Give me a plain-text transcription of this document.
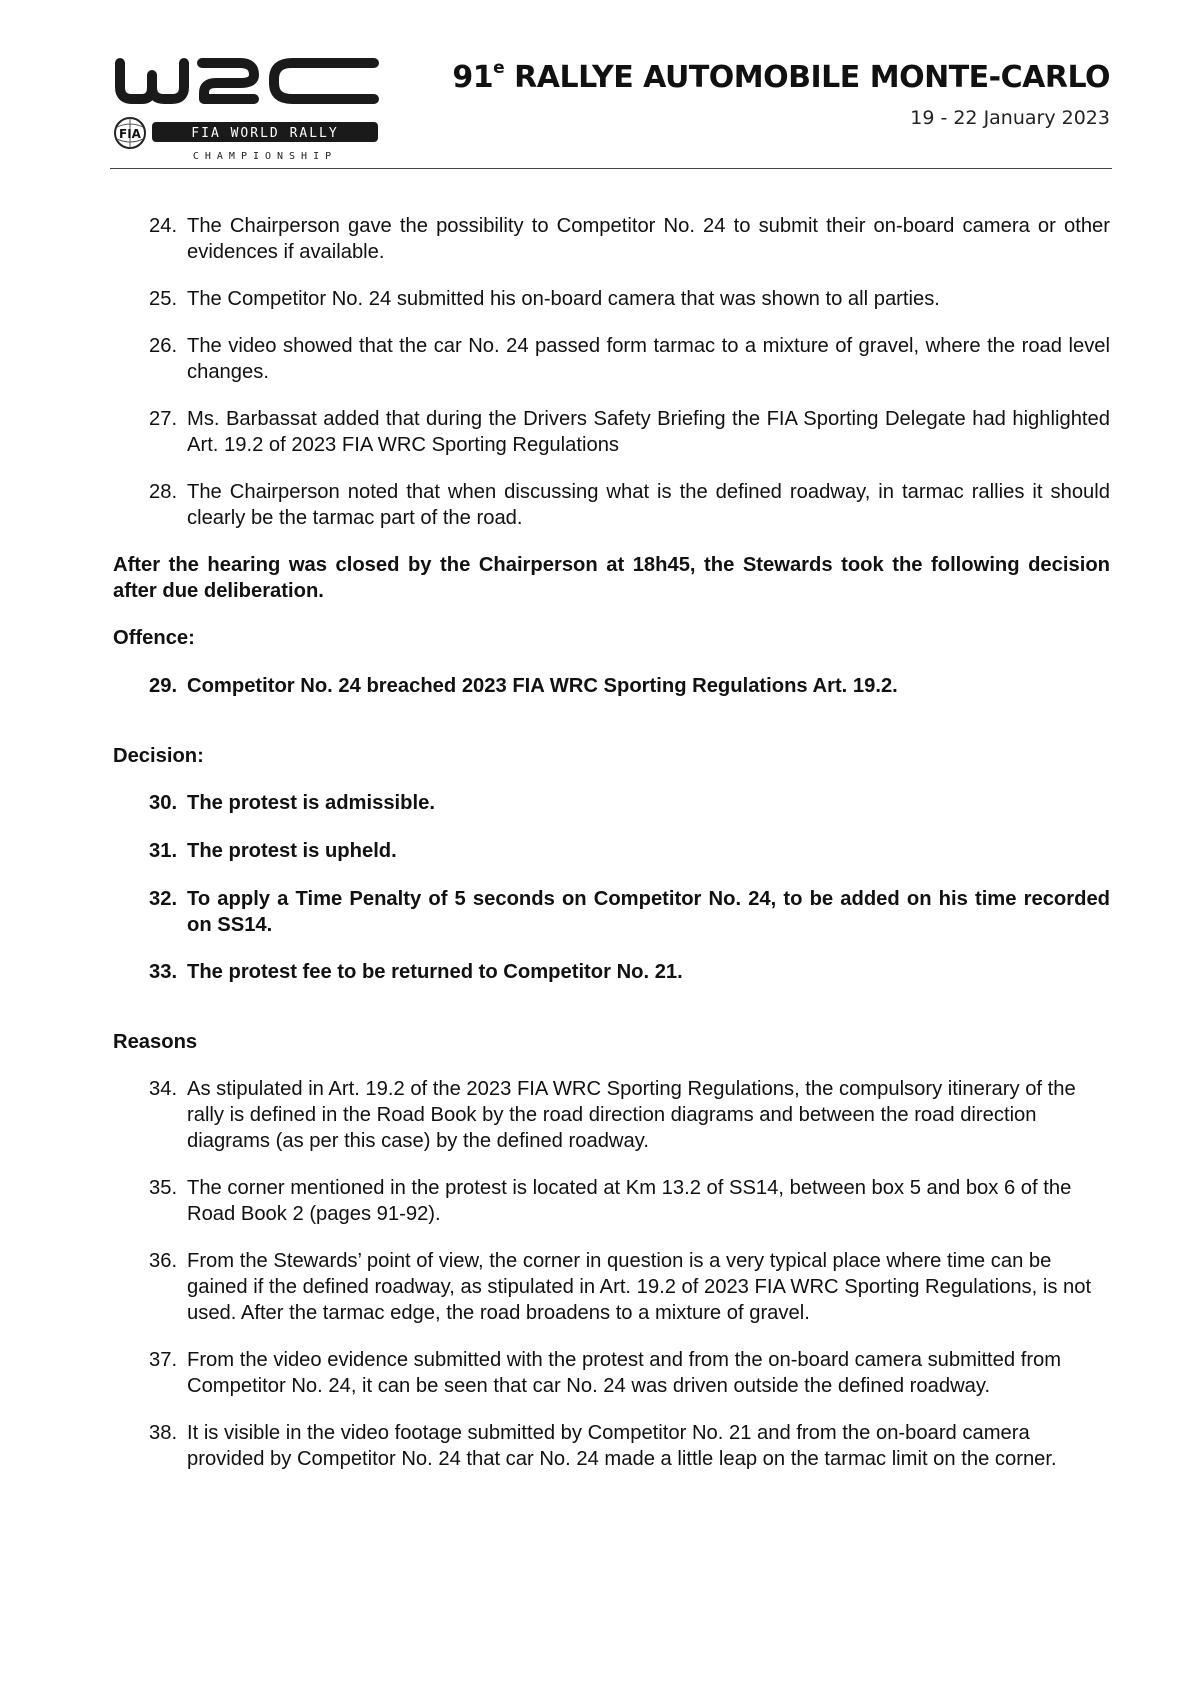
FIA	FIA WORLD RALLY
CHAMPIONSHIP
91e RALLYE AUTOMOBILE MONTE-CARLO
19 - 22 January 2023
24. The Chairperson gave the possibility to Competitor No. 24 to submit their on-board camera or other evidences if available.
25. The Competitor No. 24 submitted his on-board camera that was shown to all parties.
26. The video showed that the car No. 24 passed form tarmac to a mixture of gravel, where the road level changes.
27. Ms. Barbassat added that during the Drivers Safety Briefing the FIA Sporting Delegate had highlighted Art. 19.2 of 2023 FIA WRC Sporting Regulations
28. The Chairperson noted that when discussing what is the defined roadway, in tarmac rallies it should clearly be the tarmac part of the road.
After the hearing was closed by the Chairperson at 18h45, the Stewards took the following decision after due deliberation.
Offence:
29. Competitor No. 24 breached 2023 FIA WRC Sporting Regulations Art. 19.2.
Decision:
30. The protest is admissible.
31. The protest is upheld.
32. To apply a Time Penalty of 5 seconds on Competitor No. 24, to be added on his time recorded on SS14.
33. The protest fee to be returned to Competitor No. 21.
Reasons
34. As stipulated in Art. 19.2 of the 2023 FIA WRC Sporting Regulations, the compulsory itinerary of the rally is defined in the Road Book by the road direction diagrams and between the road direction diagrams (as per this case) by the defined roadway.
35. The corner mentioned in the protest is located at Km 13.2 of SS14, between box 5 and box 6 of the Road Book 2 (pages 91-92).
36. From the Stewards’ point of view, the corner in question is a very typical place where time can be gained if the defined roadway, as stipulated in Art. 19.2 of 2023 FIA WRC Sporting Regulations, is not used. After the tarmac edge, the road broadens to a mixture of gravel.
37. From the video evidence submitted with the protest and from the on-board camera submitted from Competitor No. 24, it can be seen that car No. 24 was driven outside the defined roadway.
38. It is visible in the video footage submitted by Competitor No. 21 and from the on-board camera provided by Competitor No. 24 that car No. 24 made a little leap on the tarmac limit on the corner.
